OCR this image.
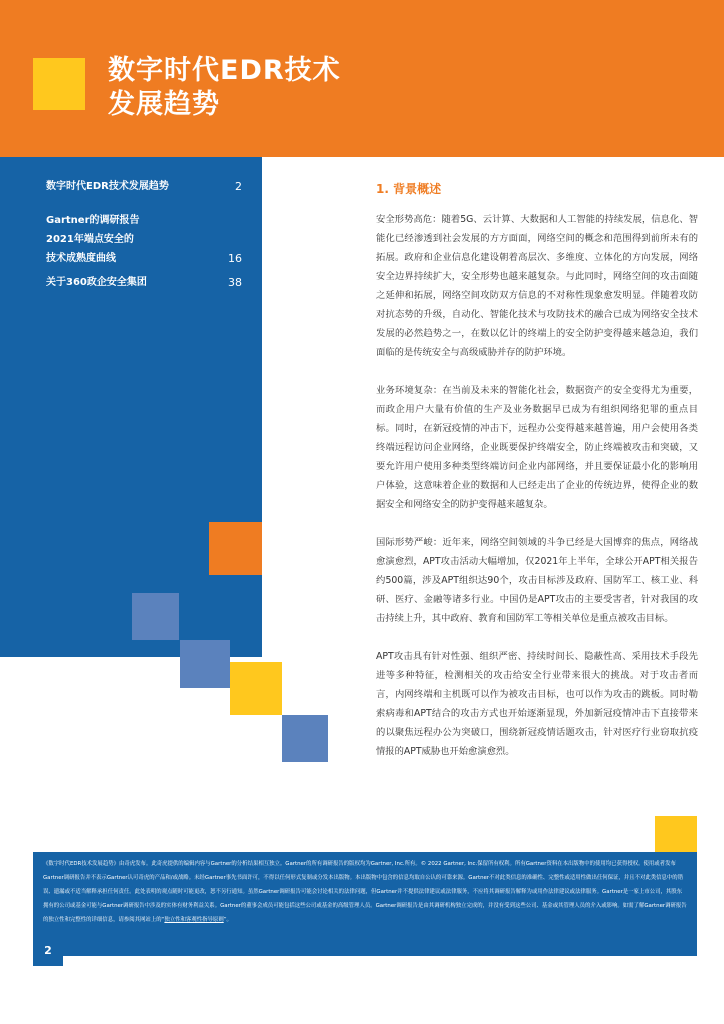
数字时代EDR技术
发展趋势
数字时代EDR技术发展趋势	2
Gartner的调研报告
2021年端点安全的
技术成熟度曲线	16
关于360政企安全集团	38
1. 背景概述

安全形势高危：随着5G、云计算、大数据和人工智能的持续发展，信息化、智能化已经渗透到社会发展的方方面面，网络空间的概念和范围得到前所未有的拓展。政府和企业信息化建设朝着高层次、多维度、立体化的方向发展，网络安全边界持续扩大，安全形势也越来越复杂。与此同时，网络空间的攻击面随之延伸和拓展，网络空间攻防双方信息的不对称性现象愈发明显。伴随着攻防对抗态势的升级，自动化、智能化技术与攻防技术的融合已成为网络安全技术发展的必然趋势之一，在数以亿计的终端上的安全防护变得越来越急迫，我们面临的是传统安全与高级威胁并存的防护环境。

业务环境复杂：在当前及未来的智能化社会，数据资产的安全变得尤为重要，而政企用户大量有价值的生产及业务数据早已成为有组织网络犯罪的重点目标。同时，在新冠疫情的冲击下，远程办公变得越来越普遍，用户会使用各类终端远程访问企业网络，企业既要保护终端安全，防止终端被攻击和突破，又要允许用户使用多种类型终端访问企业内部网络，并且要保证最小化的影响用户体验，这意味着企业的数据和人已经走出了企业的传统边界，使得企业的数据安全和网络安全的防护变得越来越复杂。

国际形势严峻：近年来，网络空间领域的斗争已经是大国博弈的焦点，网络战愈演愈烈，APT攻击活动大幅增加，仅2021年上半年，全球公开APT相关报告约500篇，涉及APT组织达90个，攻击目标涉及政府、国防军工、核工业、科研、医疗、金融等诸多行业。中国仍是APT攻击的主要受害者，针对我国的攻击持续上升，其中政府、教育和国防军工等相关单位是重点被攻击目标。

APT攻击具有针对性强、组织严密、持续时间长、隐蔽性高、采用技术手段先进等多种特征，检测相关的攻击给安全行业带来很大的挑战。对于攻击者而言，内网终端和主机既可以作为被攻击目标，也可以作为攻击的跳板。同时勒索病毒和APT结合的攻击方式也开始逐渐显现，外加新冠疫情冲击下直接带来的以聚焦远程办公为突破口，围绕新冠疫情话题攻击，针对医疗行业窃取抗疫情报的APT威胁也开始愈演愈烈。

《数字时代EDR技术发展趋势》由奇虎发布。此奇虎提供的编辑内容与Gartner的分析结果相互独立。Gartner的所有调研报告的版权均为Gartner, Inc.所有。© 2022 Gartner, Inc.保留所有权利。所有Gartner资料在本出版物中的使用均已获得授权。使用或者发布Gartner调研报告并不表示Gartner认可奇虎的产品和/或战略。未经Gartner事先书面许可，不得以任何形式复制或分发本出版物。本出版物中包含的信息均取自公认的可靠来源。Gartner不对此类信息的准确性、完整性或适用性做出任何保证，并且不对此类信息中的错误、遗漏或不适当解释承担任何责任。此处表明的观点随时可能更改，恕不另行通知。虽然Gartner调研报告可能会讨论相关的法律问题，但Gartner并不提供法律建议或法律服务，不应将其调研报告解释为或用作法律建议或法律服务。Gartner是一家上市公司，其股东拥有的公司或基金可能与Gartner调研报告中涉及的实体有财务利益关系。Gartner的董事会成员可能包括这些公司或基金的高级管理人员。Gartner调研报告是由其调研机构独立完成的，并没有受到这些公司、基金或其管理人员的介入或影响。如需了解Gartner调研报告的独立性和完整性的详细信息，请参阅其网站上的“独立性和客观性指导原则”。

2
